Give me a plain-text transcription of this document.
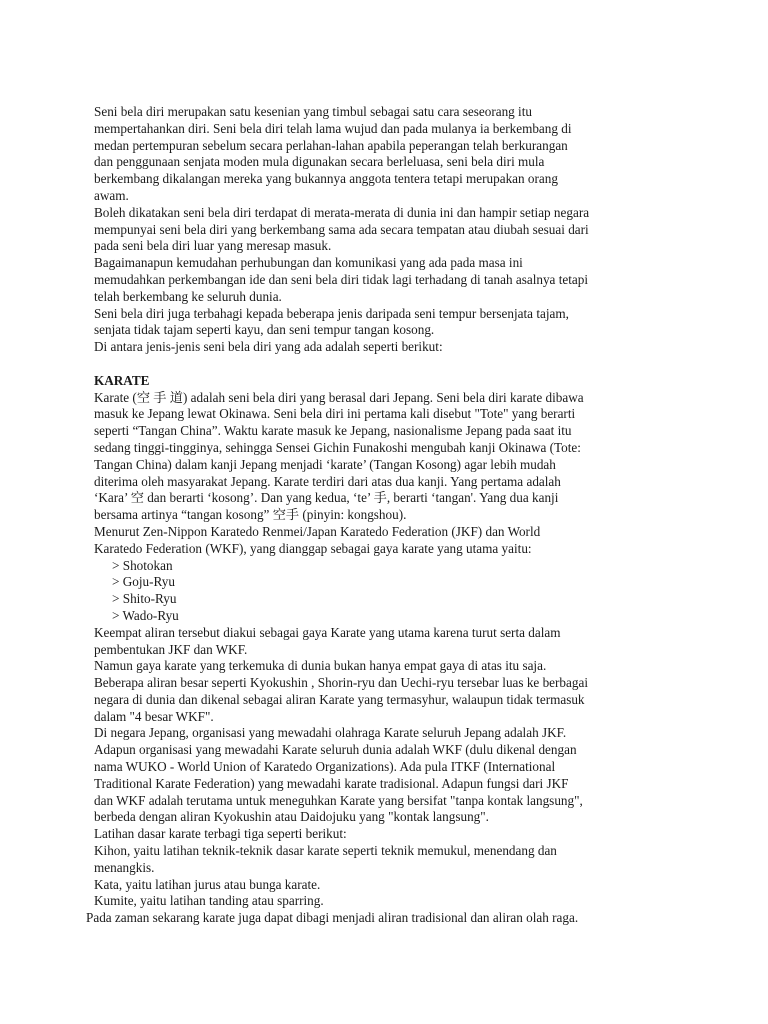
Seni bela diri merupakan satu kesenian yang timbul sebagai satu cara seseorang itu
mempertahankan diri. Seni bela diri telah lama wujud dan pada mulanya ia berkembang di
medan pertempuran sebelum secara perlahan-lahan apabila peperangan telah berkurangan
dan penggunaan senjata moden mula digunakan secara berleluasa, seni bela diri mula
berkembang dikalangan mereka yang bukannya anggota tentera tetapi merupakan orang
awam.
Boleh dikatakan seni bela diri terdapat di merata-merata di dunia ini dan hampir setiap negara
mempunyai seni bela diri yang berkembang sama ada secara tempatan atau diubah sesuai dari
pada seni bela diri luar yang meresap masuk.
Bagaimanapun kemudahan perhubungan dan komunikasi yang ada pada masa ini
memudahkan perkembangan ide dan seni bela diri tidak lagi terhadang di tanah asalnya tetapi
telah berkembang ke seluruh dunia.
Seni bela diri juga terbahagi kepada beberapa jenis daripada seni tempur bersenjata tajam,
senjata tidak tajam seperti kayu, dan seni tempur tangan kosong.
Di antara jenis-jenis seni bela diri yang ada adalah seperti berikut:
KARATE
Karate (空 手 道) adalah seni bela diri yang berasal dari Jepang. Seni bela diri karate dibawa
masuk ke Jepang lewat Okinawa. Seni bela diri ini pertama kali disebut "Tote" yang berarti
seperti “Tangan China”. Waktu karate masuk ke Jepang, nasionalisme Jepang pada saat itu
sedang tinggi-tingginya, sehingga Sensei Gichin Funakoshi mengubah kanji Okinawa (Tote:
Tangan China) dalam kanji Jepang menjadi ‘karate’ (Tangan Kosong) agar lebih mudah
diterima oleh masyarakat Jepang. Karate terdiri dari atas dua kanji. Yang pertama adalah
‘Kara’ 空 dan berarti ‘kosong’. Dan yang kedua, ‘te’ 手, berarti ‘tangan'. Yang dua kanji
bersama artinya “tangan kosong” 空手 (pinyin: kongshou).
Menurut Zen-Nippon Karatedo Renmei/Japan Karatedo Federation (JKF) dan World
Karatedo Federation (WKF), yang dianggap sebagai gaya karate yang utama yaitu:
> Shotokan
> Goju-Ryu
> Shito-Ryu
> Wado-Ryu
Keempat aliran tersebut diakui sebagai gaya Karate yang utama karena turut serta dalam
pembentukan JKF dan WKF.
Namun gaya karate yang terkemuka di dunia bukan hanya empat gaya di atas itu saja.
Beberapa aliran besar seperti Kyokushin , Shorin-ryu dan Uechi-ryu tersebar luas ke berbagai
negara di dunia dan dikenal sebagai aliran Karate yang termasyhur, walaupun tidak termasuk
dalam "4 besar WKF".
Di negara Jepang, organisasi yang mewadahi olahraga Karate seluruh Jepang adalah JKF.
Adapun organisasi yang mewadahi Karate seluruh dunia adalah WKF (dulu dikenal dengan
nama WUKO - World Union of Karatedo Organizations). Ada pula ITKF (International
Traditional Karate Federation) yang mewadahi karate tradisional. Adapun fungsi dari JKF
dan WKF adalah terutama untuk meneguhkan Karate yang bersifat "tanpa kontak langsung",
berbeda dengan aliran Kyokushin atau Daidojuku yang "kontak langsung".
Latihan dasar karate terbagi tiga seperti berikut:
Kihon, yaitu latihan teknik-teknik dasar karate seperti teknik memukul, menendang dan
menangkis.
Kata, yaitu latihan jurus atau bunga karate.
Kumite, yaitu latihan tanding atau sparring.
Pada zaman sekarang karate juga dapat dibagi menjadi aliran tradisional dan aliran olah raga.
